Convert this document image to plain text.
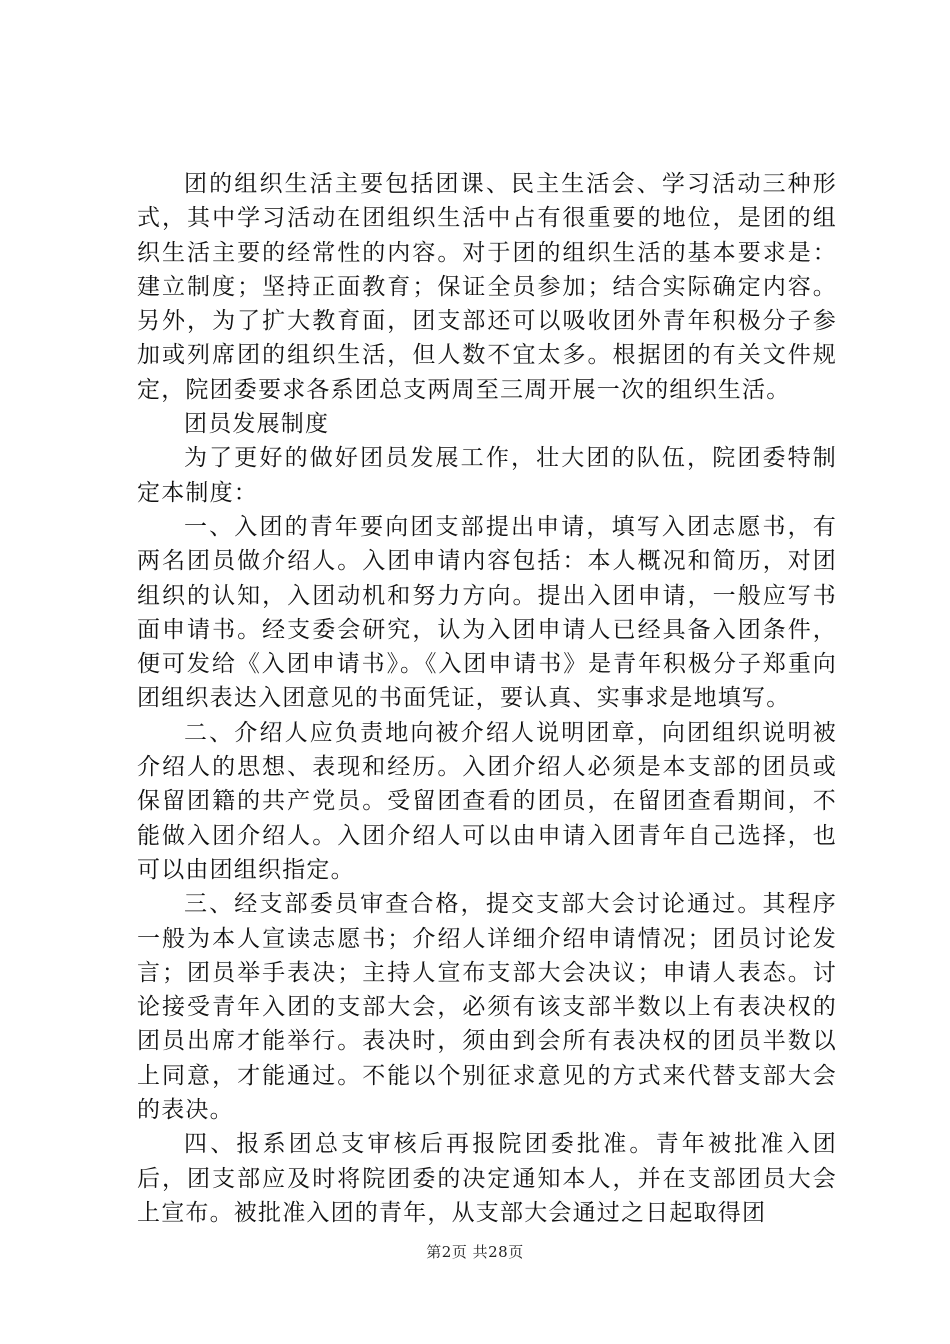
团的组织生活主要包括团课、民主生活会、学习活动三种形式，其中学习活动在团组织生活中占有很重要的地位，是团的组织生活主要的经常性的内容。对于团的组织生活的基本要求是：建立制度；坚持正面教育；保证全员参加；结合实际确定内容。另外，为了扩大教育面，团支部还可以吸收团外青年积极分子参加或列席团的组织生活，但人数不宜太多。根据团的有关文件规定，院团委要求各系团总支两周至三周开展一次的组织生活。

团员发展制度

为了更好的做好团员发展工作，壮大团的队伍，院团委特制定本制度：

一、入团的青年要向团支部提出申请，填写入团志愿书，有两名团员做介绍人。入团申请内容包括：本人概况和简历，对团组织的认知，入团动机和努力方向。提出入团申请，一般应写书面申请书。经支委会研究，认为入团申请人已经具备入团条件，便可发给《入团申请书》。《入团申请书》是青年积极分子郑重向团组织表达入团意见的书面凭证，要认真、实事求是地填写。

二、介绍人应负责地向被介绍人说明团章，向团组织说明被介绍人的思想、表现和经历。入团介绍人必须是本支部的团员或保留团籍的共产党员。受留团查看的团员，在留团查看期间，不能做入团介绍人。入团介绍人可以由申请入团青年自己选择，也可以由团组织指定。

三、经支部委员审查合格，提交支部大会讨论通过。其程序一般为本人宣读志愿书；介绍人详细介绍申请情况；团员讨论发言；团员举手表决；主持人宣布支部大会决议；申请人表态。讨论接受青年入团的支部大会，必须有该支部半数以上有表决权的团员出席才能举行。表决时，须由到会所有表决权的团员半数以上同意，才能通过。不能以个别征求意见的方式来代替支部大会的表决。

四、报系团总支审核后再报院团委批准。青年被批准入团后，团支部应及时将院团委的决定通知本人，并在支部团员大会上宣布。被批准入团的青年，从支部大会通过之日起取得团

第2页 共28页
